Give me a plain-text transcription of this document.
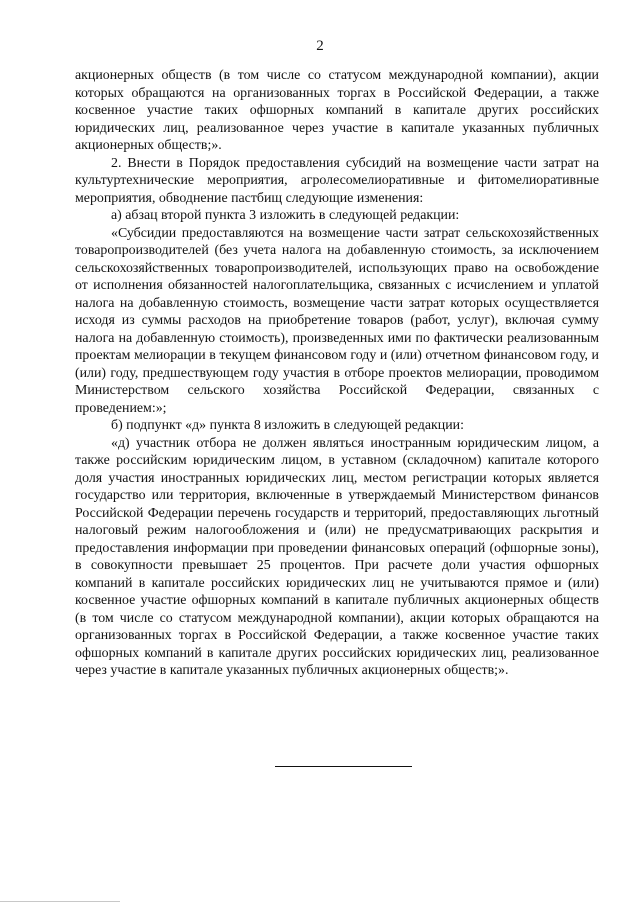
2

акционерных обществ (в том числе со статусом международной компании), акции которых обращаются на организованных торгах в Российской Федерации, а также косвенное участие таких офшорных компаний в капитале других российских юридических лиц, реализованное через участие в капитале указанных публичных акционерных обществ;».

2. Внести в Порядок предоставления субсидий на возмещение части затрат на культуртехнические мероприятия, агролесомелиоративные и фитомелиоративные мероприятия, обводнение пастбищ следующие изменения:

а) абзац второй пункта 3 изложить в следующей редакции:

«Субсидии предоставляются на возмещение части затрат сельскохозяйственных товаропроизводителей (без учета налога на добавленную стоимость, за исключением сельскохозяйственных товаропроизводителей, использующих право на освобождение от исполнения обязанностей налогоплательщика, связанных с исчислением и уплатой налога на добавленную стоимость, возмещение части затрат которых осуществляется исходя из суммы расходов на приобретение товаров (работ, услуг), включая сумму налога на добавленную стоимость), произведенных ими по фактически реализованным проектам мелиорации в текущем финансовом году и (или) отчетном финансовом году, и (или) году, предшествующем году участия в отборе проектов мелиорации, проводимом Министерством сельского хозяйства Российской Федерации, связанных с проведением:»;

б) подпункт «д» пункта 8 изложить в следующей редакции:

«д) участник отбора не должен являться иностранным юридическим лицом, а также российским юридическим лицом, в уставном (складочном) капитале которого доля участия иностранных юридических лиц, местом регистрации которых является государство или территория, включенные в утверждаемый Министерством финансов Российской Федерации перечень государств и территорий, предоставляющих льготный налоговый режим налогообложения и (или) не предусматривающих раскрытия и предоставления информации при проведении финансовых операций (офшорные зоны), в совокупности превышает 25 процентов. При расчете доли участия офшорных компаний в капитале российских юридических лиц не учитываются прямое и (или) косвенное участие офшорных компаний в капитале публичных акционерных обществ (в том числе со статусом международной компании), акции которых обращаются на организованных торгах в Российской Федерации, а также косвенное участие таких офшорных компаний в капитале других российских юридических лиц, реализованное через участие в капитале указанных публичных акционерных обществ;».
